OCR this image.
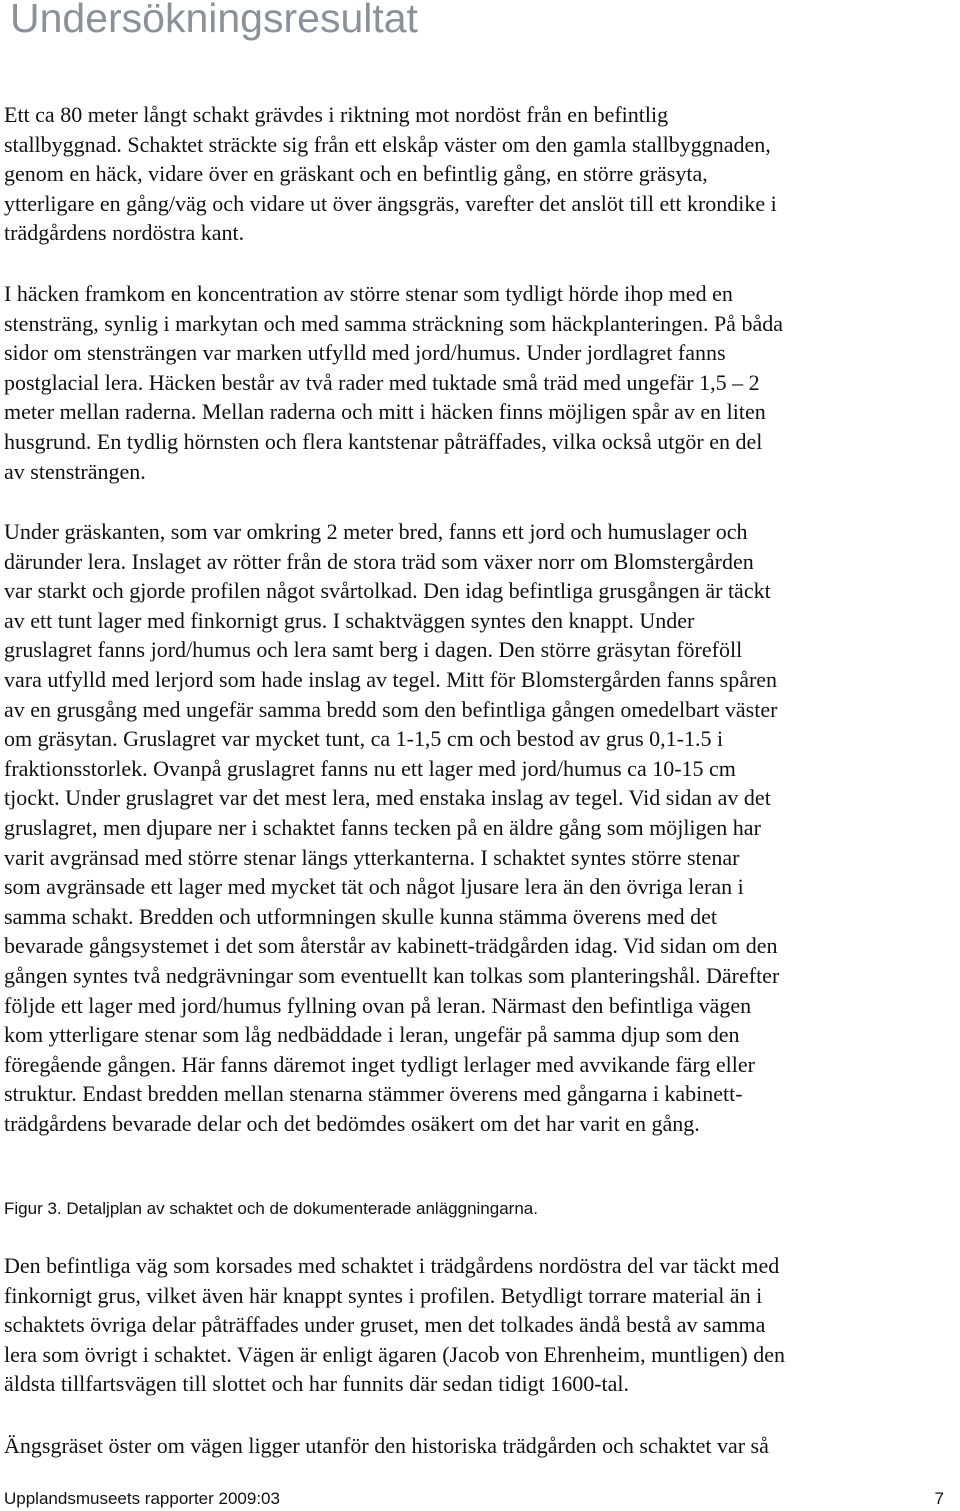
Undersökningsresultat
Ett ca 80 meter långt schakt grävdes i riktning mot nordöst från en befintlig
stallbyggnad. Schaktet sträckte sig från ett elskåp väster om den gamla stallbyggnaden,
genom en häck, vidare över en gräskant och en befintlig gång, en större gräsyta,
ytterligare en gång/väg och vidare ut över ängsgräs, varefter det anslöt till ett krondike i
trädgårdens nordöstra kant.
I häcken framkom en koncentration av större stenar som tydligt hörde ihop med en
stensträng, synlig i markytan och med samma sträckning som häckplanteringen. På båda
sidor om stensträngen var marken utfylld med jord/humus. Under jordlagret fanns
postglacial lera. Häcken består av två rader med tuktade små träd med ungefär 1,5 – 2
meter mellan raderna. Mellan raderna och mitt i häcken finns möjligen spår av en liten
husgrund. En tydlig hörnsten och flera kantstenar påträffades, vilka också utgör en del
av stensträngen.
Under gräskanten, som var omkring 2 meter bred, fanns ett jord och humuslager och
därunder lera. Inslaget av rötter från de stora träd som växer norr om Blomstergården
var starkt och gjorde profilen något svårtolkad. Den idag befintliga grusgången är täckt
av ett tunt lager med finkornigt grus. I schaktväggen syntes den knappt. Under
gruslagret fanns jord/humus och lera samt berg i dagen. Den större gräsytan föreföll
vara utfylld med lerjord som hade inslag av tegel. Mitt för Blomstergården fanns spåren
av en grusgång med ungefär samma bredd som den befintliga gången omedelbart väster
om gräsytan. Gruslagret var mycket tunt, ca 1-1,5 cm och bestod av grus 0,1-1.5 i
fraktionsstorlek. Ovanpå gruslagret fanns nu ett lager med jord/humus ca 10-15 cm
tjockt. Under gruslagret var det mest lera, med enstaka inslag av tegel. Vid sidan av det
gruslagret, men djupare ner i schaktet fanns tecken på en äldre gång som möjligen har
varit avgränsad med större stenar längs ytterkanterna. I schaktet syntes större stenar
som avgränsade ett lager med mycket tät och något ljusare lera än den övriga leran i
samma schakt. Bredden och utformningen skulle kunna stämma överens med det
bevarade gångsystemet i det som återstår av kabinett-trädgården idag. Vid sidan om den
gången syntes två nedgrävningar som eventuellt kan tolkas som planteringshål. Därefter
följde ett lager med jord/humus fyllning ovan på leran. Närmast den befintliga vägen
kom ytterligare stenar som låg nedbäddade i leran, ungefär på samma djup som den
föregående gången. Här fanns däremot inget tydligt lerlager med avvikande färg eller
struktur. Endast bredden mellan stenarna stämmer överens med gångarna i kabinett-
trädgårdens bevarade delar och det bedömdes osäkert om det har varit en gång.
Figur 3. Detaljplan av schaktet och de dokumenterade anläggningarna.
Den befintliga väg som korsades med schaktet i trädgårdens nordöstra del var täckt med
finkornigt grus, vilket även här knappt syntes i profilen. Betydligt torrare material än i
schaktets övriga delar påträffades under gruset, men det tolkades ändå bestå av samma
lera som övrigt i schaktet. Vägen är enligt ägaren (Jacob von Ehrenheim, muntligen) den
äldsta tillfartsvägen till slottet och har funnits där sedan tidigt 1600-tal.
Ängsgräset öster om vägen ligger utanför den historiska trädgården och schaktet var så
Upplandsmuseets rapporter 2009:03	7
